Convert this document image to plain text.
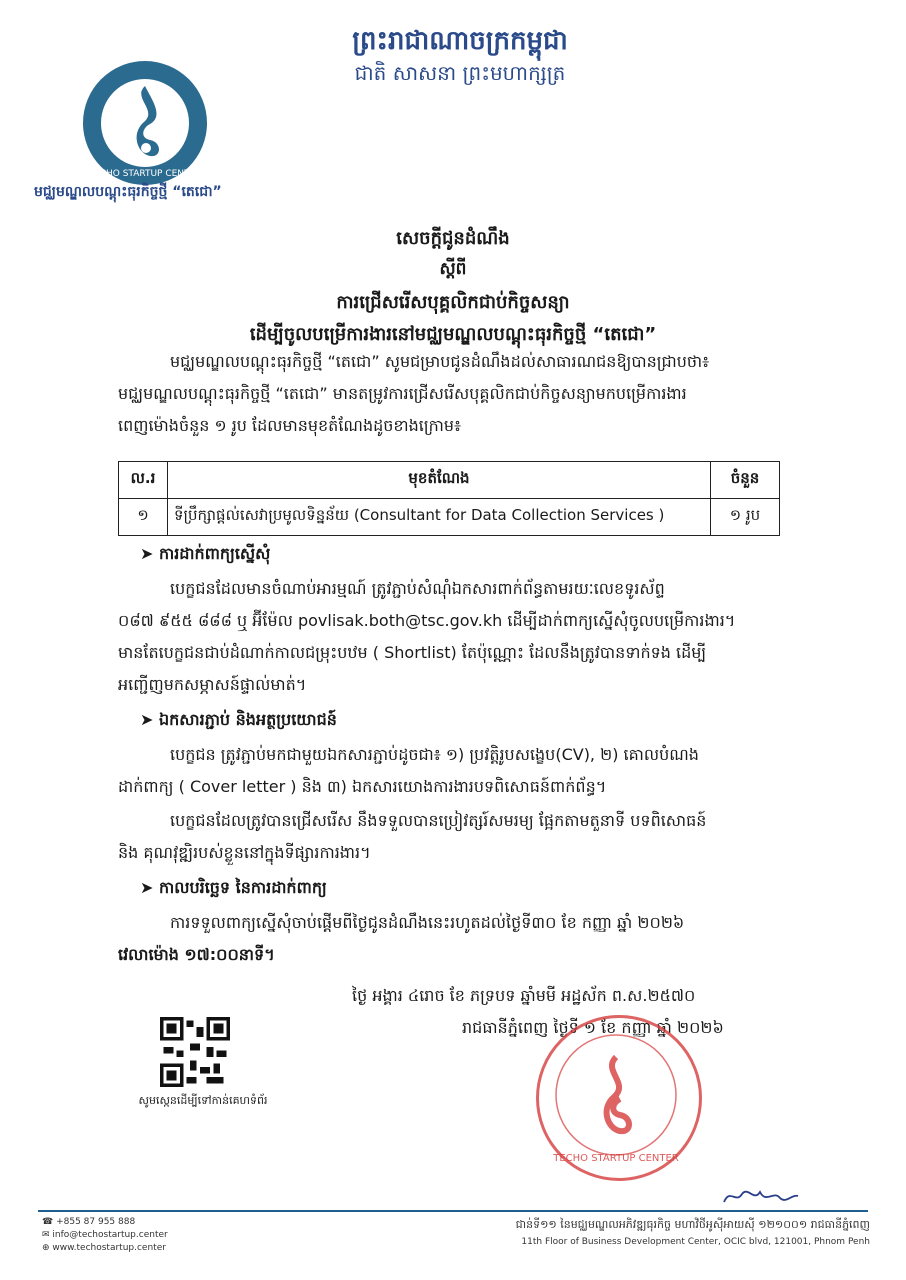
ព្រះរាជាណាចក្រកម្ពុជា
ជាតិ សាសនា ព្រះមហាក្សត្រ
TECHO STARTUP CENTER
មជ្ឈមណ្ឌលបណ្តុះធុរកិច្ចថ្មី “តេជោ”
សេចក្តីជូនដំណឹង
ស្តីពី
ការជ្រើសរើសបុគ្គលិកជាប់កិច្ចសន្យា
ដើម្បីចូលបម្រើការងារនៅមជ្ឈមណ្ឌលបណ្តុះធុរកិច្ចថ្មី “តេជោ”
មជ្ឈមណ្ឌលបណ្តុះធុរកិច្ចថ្មី “តេជោ” សូមជម្រាបជូនដំណឹងដល់សាធារណជនឱ្យបានជ្រាបថា៖
មជ្ឈមណ្ឌលបណ្តុះធុរកិច្ចថ្មី “តេជោ” មានតម្រូវការជ្រើសរើសបុគ្គលិកជាប់កិច្ចសន្យាមកបម្រើការងារ
ពេញម៉ោងចំនួន ១ រូប ដែលមានមុខតំណែងដូចខាងក្រោម៖
ល.រ	មុខតំណែង	ចំនួន
១	ទីប្រឹក្សាផ្តល់សេវាប្រមូលទិន្នន័យ (Consultant for Data Collection Services )	១ រូប
➤ ការដាក់ពាក្យស្នើសុំ
បេក្ខជនដែលមានចំណាប់អារម្មណ៍ ត្រូវភ្ជាប់សំណុំឯកសារពាក់ព័ន្ធតាមរយៈលេខទូរស័ព្ទ
០៨៧ ៩៥៥ ៨៨៨ ឬ អ៊ីម៉ែល povlisak.both@tsc.gov.kh ដើម្បីដាក់ពាក្យស្នើសុំចូលបម្រើការងារ។
មានតែបេក្ខជនជាប់ដំណាក់កាលជម្រុះបឋម ( Shortlist) តែប៉ុណ្ណោះ ដែលនឹងត្រូវបានទាក់ទង ដើម្បី
អញ្ជើញមកសម្ភាសន៍ផ្ទាល់មាត់។
➤ ឯកសារភ្ជាប់ និងអត្ថប្រយោជន៍
បេក្ខជន ត្រូវភ្ជាប់មកជាមួយឯកសារភ្ជាប់ដូចជា៖ ១) ប្រវត្តិរូបសង្ខេប(CV), ២) គោលបំណង
ដាក់ពាក្យ ( Cover letter ) និង ៣) ឯកសារយោងការងារបទពិសោធន៍ពាក់ព័ន្ធ។
បេក្ខជនដែលត្រូវបានជ្រើសរើស នឹងទទួលបានប្រៀវត្សរ៍សមរម្យ ផ្អែកតាមតួនាទី បទពិសោធន៍
និង គុណវុឌ្ឍិរបស់ខ្លួននៅក្នុងទីផ្សារការងារ។
➤ កាលបរិច្ឆេទ នៃការដាក់ពាក្យ
ការទទួលពាក្យស្នើសុំចាប់ផ្តើមពីថ្ងៃជូនដំណឹងនេះរហូតដល់ថ្ងៃទី៣០ ខែ កញ្ញា ឆ្នាំ ២០២៦
វេលាម៉ោង ១៧:០០នាទី។
ថ្ងៃ អង្គារ ៤រោច ខែ ភទ្របទ ឆ្នាំមមី អដ្ឋស័ក ព.ស.២៥៧០
រាជធានីភ្នំពេញ ថ្ងៃទី ១ ខែ កញ្ញា ឆ្នាំ ២០២៦
TECHO STARTUP CENTER
សូមស្កេនដើម្បីទៅកាន់គេហទំព័រ
☎ +855 87 955 888
✉ info@techostartup.center
⊕ www.techostartup.center
ជាន់ទី១១ នៃមជ្ឈមណ្ឌលអភិវឌ្ឍធុរកិច្ច មហាវិថីអូស៊ីអាយស៊ី ១២១០០១ រាជធានីភ្នំពេញ
11th Floor of Business Development Center, OCIC blvd, 121001, Phnom Penh
